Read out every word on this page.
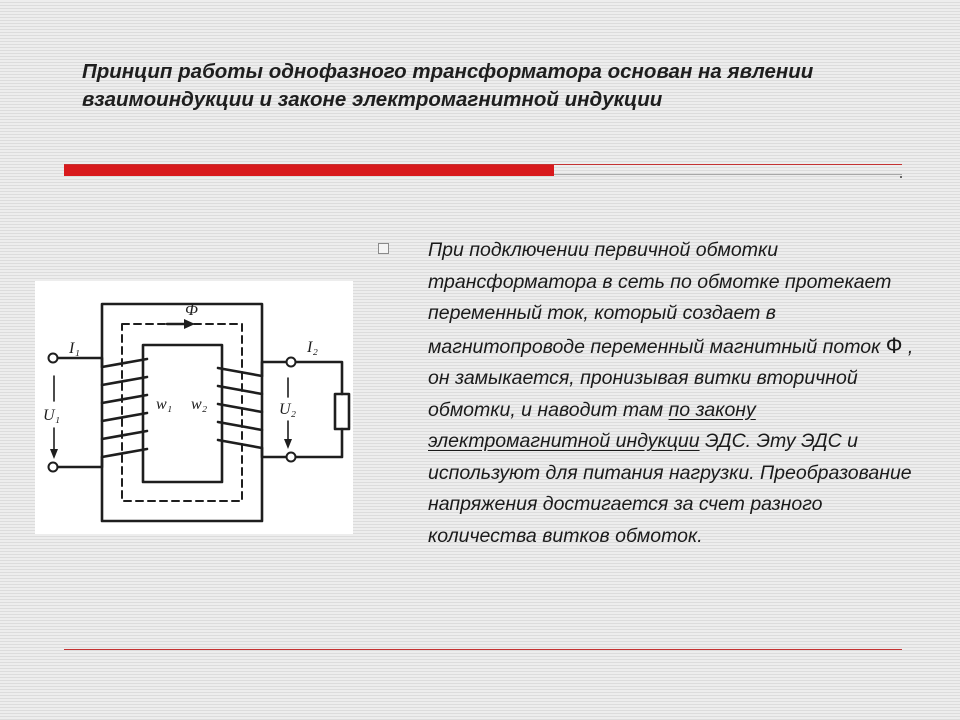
Принцип работы однофазного трансформатора основан на явлении взаимоиндукции и законе электромагнитной индукции
Ф
I₁	I₂
U₁	U₂
w₁ w₂

При подключении первичной обмотки трансформатора в сеть по обмотке протекает переменный ток, который создает в магнитопроводе переменный магнитный поток Ф , он замыкается, пронизывая витки вторичной обмотки, и наводит там по закону электромагнитной индукции ЭДС. Эту ЭДС и используют для питания нагрузки. Преобразование напряжения достигается за счет разного количества витков обмоток.
